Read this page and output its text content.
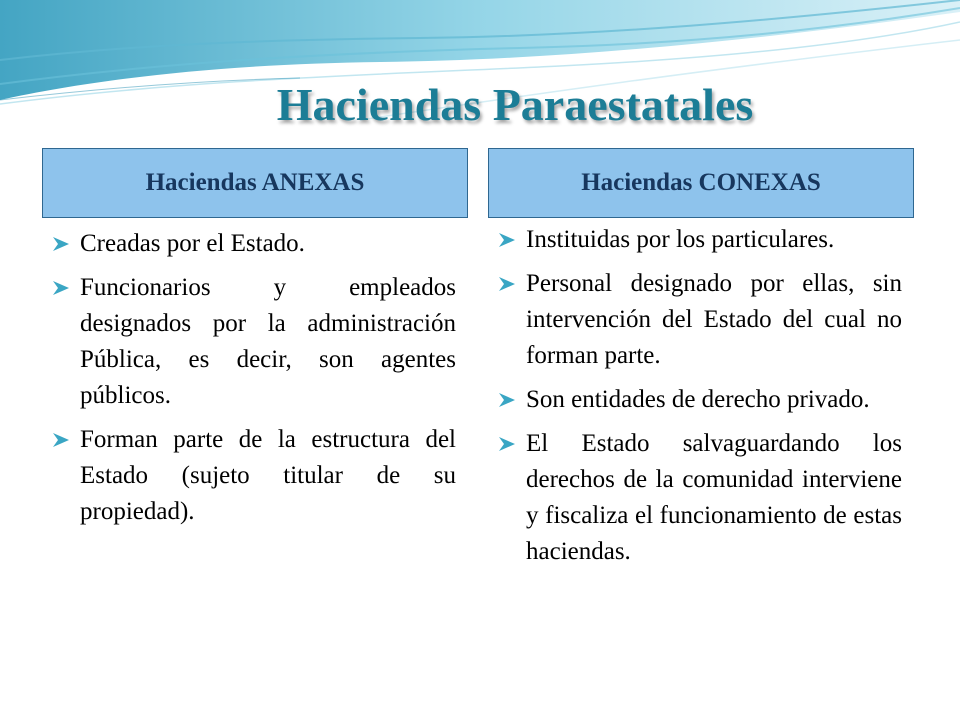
Haciendas Paraestatales
Haciendas ANEXAS	Haciendas CONEXAS
Creadas por el Estado.
Funcionarios y empleados designados por la administración Pública, es decir, son agentes públicos.
Forman parte de la estructura del Estado (sujeto titular de su propiedad).
Instituidas por los particulares.
Personal designado por ellas, sin intervención del Estado del cual no forman parte.
Son entidades de derecho privado.
El Estado salvaguardando los derechos de la comunidad interviene y fiscaliza el funcionamiento de estas haciendas.
